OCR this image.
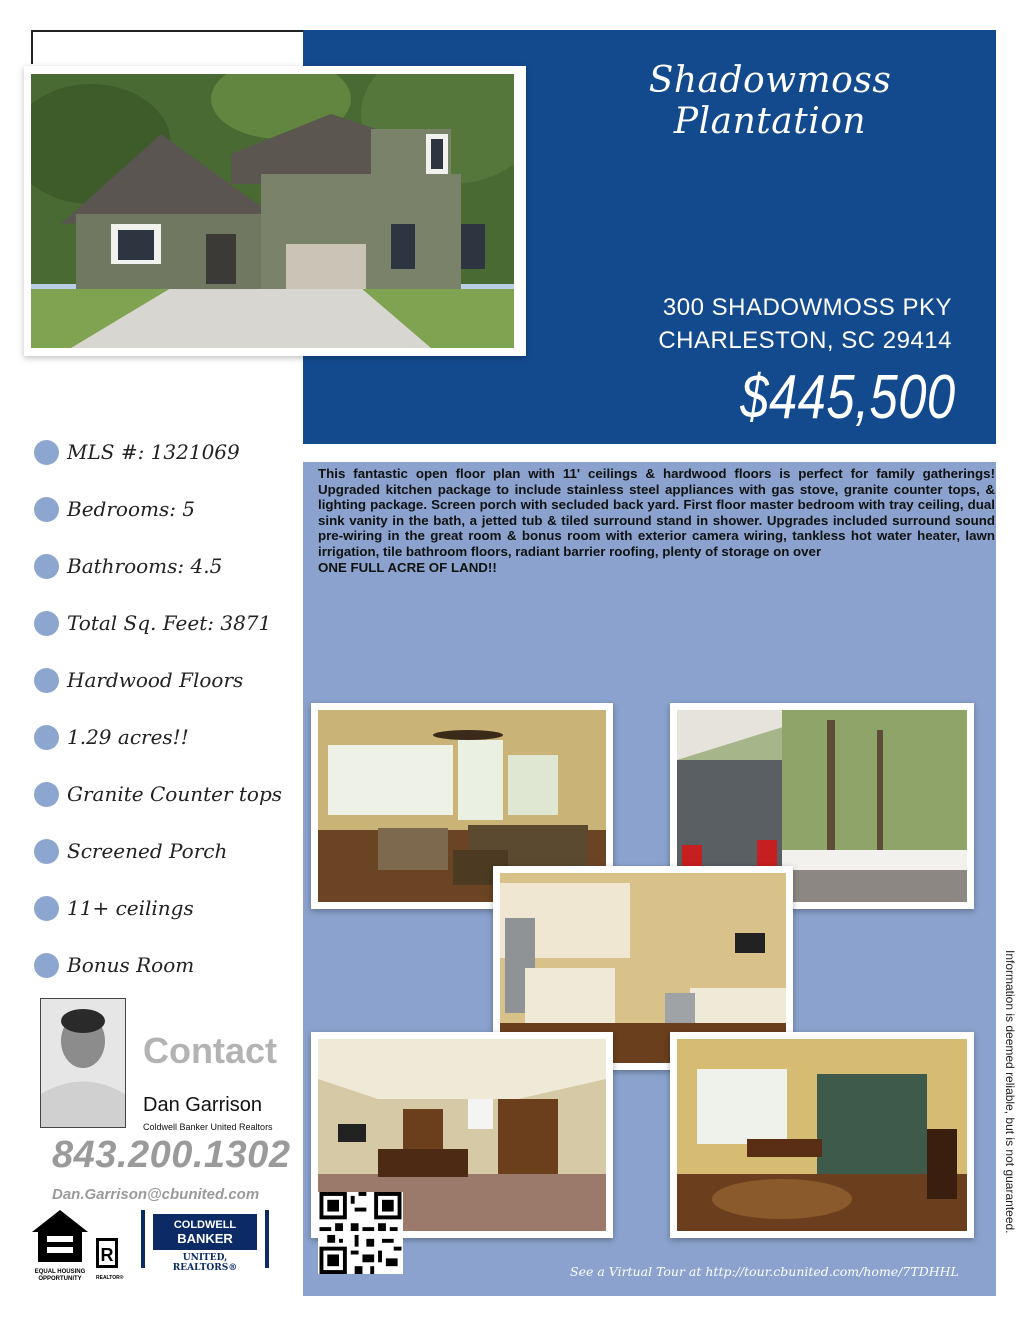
Shadowmoss Plantation
300 SHADOWMOSS PKY
CHARLESTON, SC 29414
$445,500
MLS #: 1321069
Bedrooms: 5
Bathrooms: 4.5
Total Sq. Feet: 3871
Hardwood Floors
1.29 acres!!
Granite Counter tops
Screened Porch
11+ ceilings
Bonus Room
This fantastic open floor plan with 11' ceilings & hardwood floors is perfect for family gatherings! Upgraded kitchen package to include stainless steel appliances with gas stove, granite counter tops, & lighting package. Screen porch with secluded back yard. First floor master bedroom with tray ceiling, dual sink vanity in the bath, a jetted tub & tiled surround stand in shower. Upgrades included surround sound pre-wiring in the great room & bonus room with exterior camera wiring, tankless hot water heater, lawn irrigation, tile bathroom floors, radiant barrier roofing, plenty of storage on over
ONE FULL ACRE OF LAND!!
Contact
Dan Garrison
Coldwell Banker United Realtors
843.200.1302
Dan.Garrison@cbunited.com
EQUAL HOUSING OPPORTUNITY
R
REALTOR®
COLDWELL
BANKER
UNITED, REALTORS®	See a Virtual Tour at http://tour.cbunited.com/home/7TDHHL
Information is deemed reliable, but is not guaranteed.
